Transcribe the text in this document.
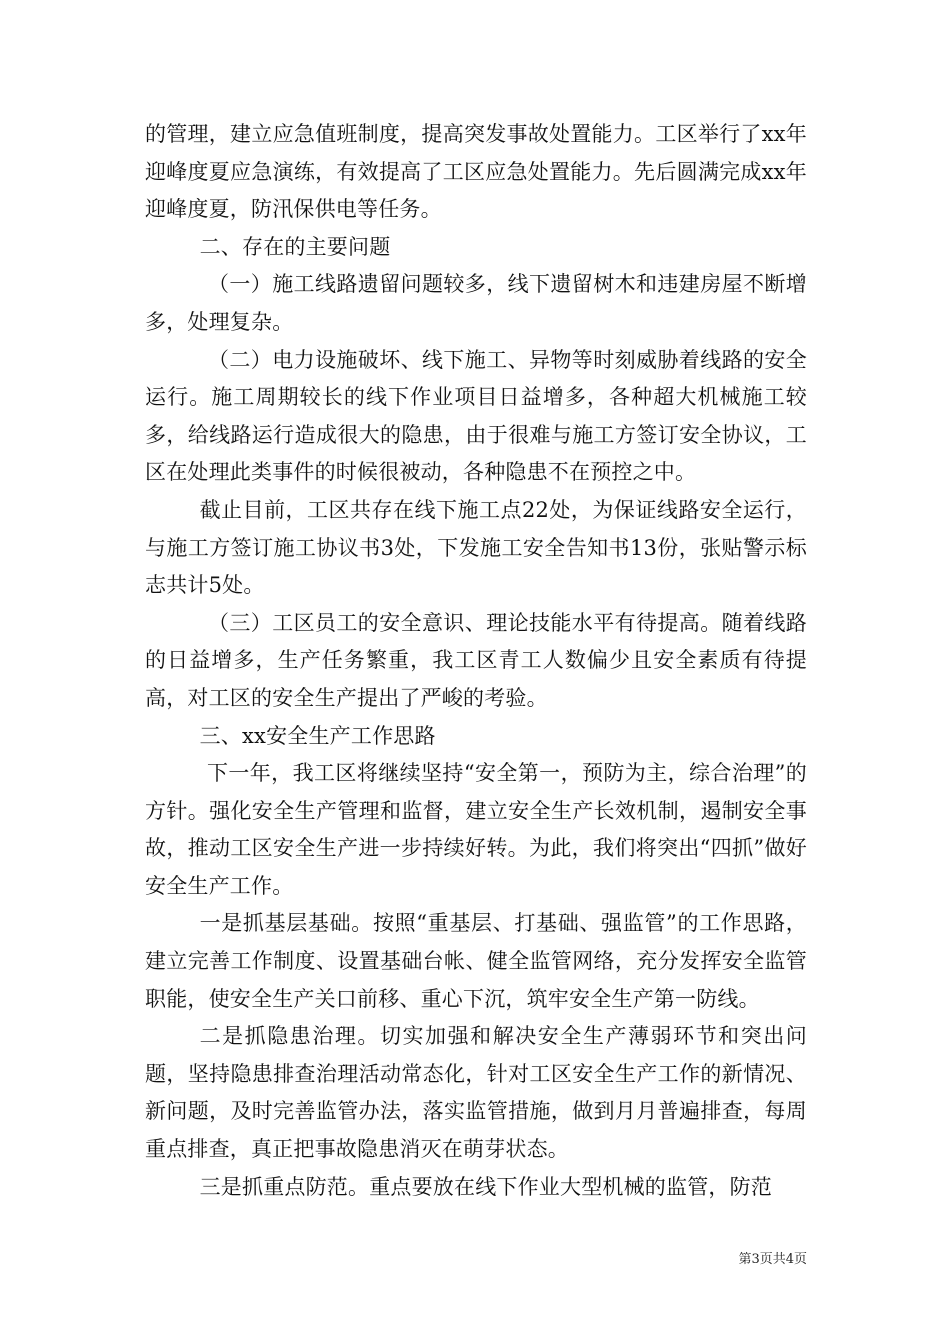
的管理，建立应急值班制度，提高突发事故处置能力。工区举行了xx年迎峰度夏应急演练，有效提高了工区应急处置能力。先后圆满完成xx年迎峰度夏，防汛保供电等任务。

二、存在的主要问题

（一）施工线路遗留问题较多，线下遗留树木和违建房屋不断增多，处理复杂。

（二）电力设施破坏、线下施工、异物等时刻威胁着线路的安全运行。施工周期较长的线下作业项目日益增多，各种超大机械施工较多，给线路运行造成很大的隐患，由于很难与施工方签订安全协议，工区在处理此类事件的时候很被动，各种隐患不在预控之中。

截止目前，工区共存在线下施工点22处，为保证线路安全运行，与施工方签订施工协议书3处，下发施工安全告知书13份，张贴警示标志共计5处。

（三）工区员工的安全意识、理论技能水平有待提高。随着线路的日益增多，生产任务繁重，我工区青工人数偏少且安全素质有待提高，对工区的安全生产提出了严峻的考验。

三、xx安全生产工作思路

下一年，我工区将继续坚持“安全第一，预防为主，综合治理”的方针。强化安全生产管理和监督，建立安全生产长效机制，遏制安全事故，推动工区安全生产进一步持续好转。为此，我们将突出“四抓”做好安全生产工作。

一是抓基层基础。按照“重基层、打基础、强监管”的工作思路，建立完善工作制度、设置基础台帐、健全监管网络，充分发挥安全监管职能，使安全生产关口前移、重心下沉，筑牢安全生产第一防线。

二是抓隐患治理。切实加强和解决安全生产薄弱环节和突出问题，坚持隐患排查治理活动常态化，针对工区安全生产工作的新情况、新问题，及时完善监管办法，落实监管措施，做到月月普遍排查，每周重点排查，真正把事故隐患消灭在萌芽状态。

三是抓重点防范。重点要放在线下作业大型机械的监管，防范

第3页共4页
